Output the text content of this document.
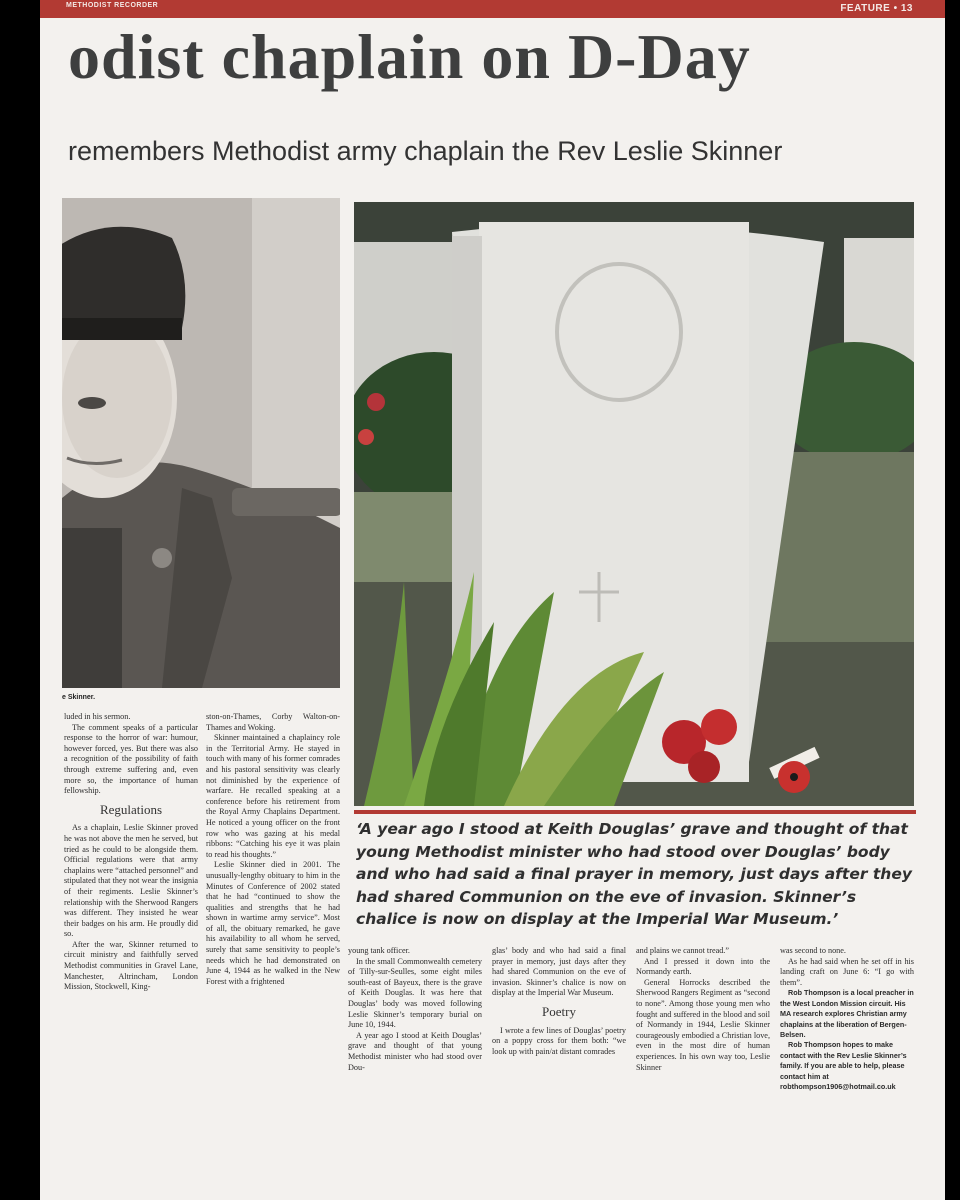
METHODIST RECORDER	FEATURE • 13
odist chaplain on D-Day
remembers Methodist army chaplain the Rev Leslie Skinner
e Skinner.
‘A year ago I stood at Keith Douglas’ grave and thought of that young Methodist minister who had stood over Douglas’ body and who had said a final prayer in memory, just days after they had shared Communion on the eve of invasion. Skinner’s chalice is now on display at the Imperial War Museum.’

luded in his sermon.

The comment speaks of a particular response to the horror of war: humour, however forced, yes. But there was also a recognition of the possibility of faith through extreme suffering and, even more so, the importance of human fellowship.

Regulations

As a chaplain, Leslie Skinner proved he was not above the men he served, but tried as he could to be alongside them. Official regulations were that army chaplains were “attached personnel” and stipulated that they not wear the insignia of their regiments. Leslie Skinner’s relationship with the Sherwood Rangers was different. They insisted he wear their badges on his arm. He proudly did so.

After the war, Skinner returned to circuit ministry and faithfully served Methodist communities in Gravel Lane, Manchester, Altrincham, London Mission, Stockwell, King-

ston-on-Thames, Corby Walton-on-Thames and Woking.

Skinner maintained a chaplaincy role in the Territorial Army. He stayed in touch with many of his former comrades and his pastoral sensitivity was clearly not diminished by the experience of warfare. He recalled speaking at a conference before his retirement from the Royal Army Chaplains Department. He noticed a young officer on the front row who was gazing at his medal ribbons: “Catching his eye it was plain to read his thoughts.”

Leslie Skinner died in 2001. The unusually-lengthy obituary to him in the Minutes of Conference of 2002 stated that he had “continued to show the qualities and strengths that he had shown in wartime army service”. Most of all, the obituary remarked, he gave his availability to all whom he served, surely that same sensitivity to people’s needs which he had demonstrated on June 4, 1944 as he walked in the New Forest with a frightened

young tank officer.

In the small Commonwealth cemetery of Tilly-sur-Seulles, some eight miles south-east of Bayeux, there is the grave of Keith Douglas. It was here that Douglas’ body was moved following Leslie Skinner’s temporary burial on June 10, 1944.

A year ago I stood at Keith Douglas’ grave and thought of that young Methodist minister who had stood over Dou-

glas’ body and who had said a final prayer in memory, just days after they had shared Communion on the eve of invasion. Skinner’s chalice is now on display at the Imperial War Museum.

Poetry

I wrote a few lines of Douglas’ poetry on a poppy cross for them both: “we look up with pain/at distant comrades

and plains we cannot tread.”

And I pressed it down into the Normandy earth.

General Horrocks described the Sherwood Rangers Regiment as “second to none”. Among those young men who fought and suffered in the blood and soil of Normandy in 1944, Leslie Skinner courageously embodied a Christian love, even in the most dire of human experiences. In his own way too, Leslie Skinner

was second to none.

As he had said when he set off in his landing craft on June 6: “I go with them”.

Rob Thompson is a local preacher in the West London Mission circuit. His MA research explores Christian army chaplains at the liberation of Bergen-Belsen.

Rob Thompson hopes to make contact with the Rev Leslie Skinner’s family. If you are able to help, please contact him at robthompson1906@hotmail.co.uk
